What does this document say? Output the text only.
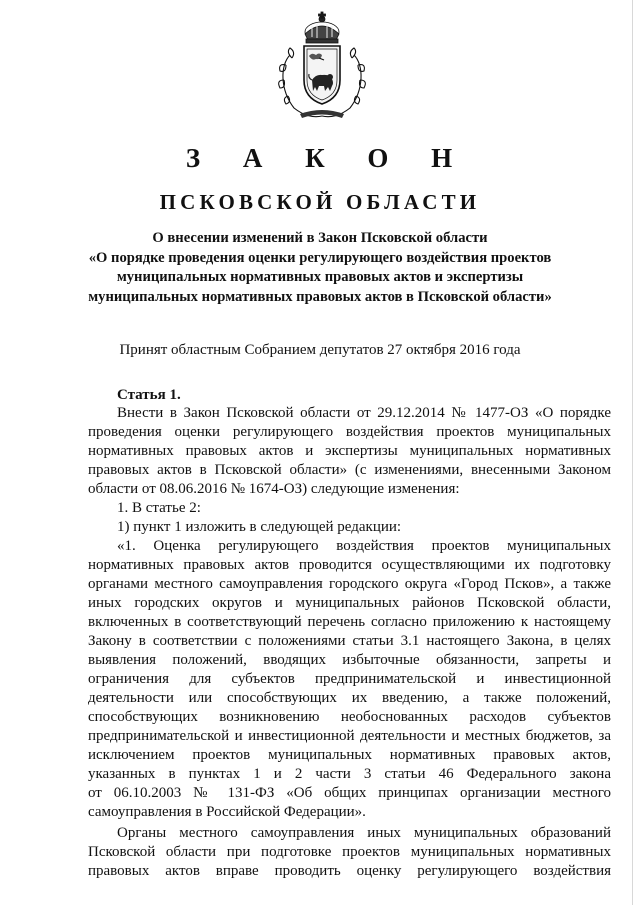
З А К О Н
ПСКОВСКОЙ ОБЛАСТИ
О внесении изменений в Закон Псковской области
«О порядке проведения оценки регулирующего воздействия проектов
муниципальных нормативных правовых актов и экспертизы
муниципальных нормативных правовых актов в Псковской области»
Принят областным Собранием депутатов 27 октября 2016 года
Статья 1.
Внести в Закон Псковской области от 29.12.2014 № 1477-ОЗ «О порядке
проведения оценки регулирующего воздействия проектов муниципальных
нормативных правовых актов и экспертизы муниципальных нормативных
правовых актов в Псковской области» (с изменениями, внесенными Законом
области от 08.06.2016 № 1674-ОЗ) следующие изменения:
1. В статье 2:
1) пункт 1 изложить в следующей редакции:
«1. Оценка регулирующего воздействия проектов муниципальных
нормативных правовых актов проводится осуществляющими их подготовку
органами местного самоуправления городского округа «Город Псков», а также
иных городских округов и муниципальных районов Псковской области,
включенных в соответствующий перечень согласно приложению к настоящему
Закону в соответствии с положениями статьи 3.1 настоящего Закона, в целях
выявления положений, вводящих избыточные обязанности, запреты и
ограничения для субъектов предпринимательской и инвестиционной
деятельности или способствующих их введению, а также положений,
способствующих возникновению необоснованных расходов субъектов
предпринимательской и инвестиционной деятельности и местных бюджетов, за
исключением проектов муниципальных нормативных правовых актов,
указанных в пунктах 1 и 2 части 3 статьи 46 Федерального закона
от 06.10.2003 № 131-ФЗ «Об общих принципах организации местного
самоуправления в Российской Федерации».
Органы местного самоуправления иных муниципальных образований
Псковской области при подготовке проектов муниципальных нормативных
правовых актов вправе проводить оценку регулирующего воздействия
